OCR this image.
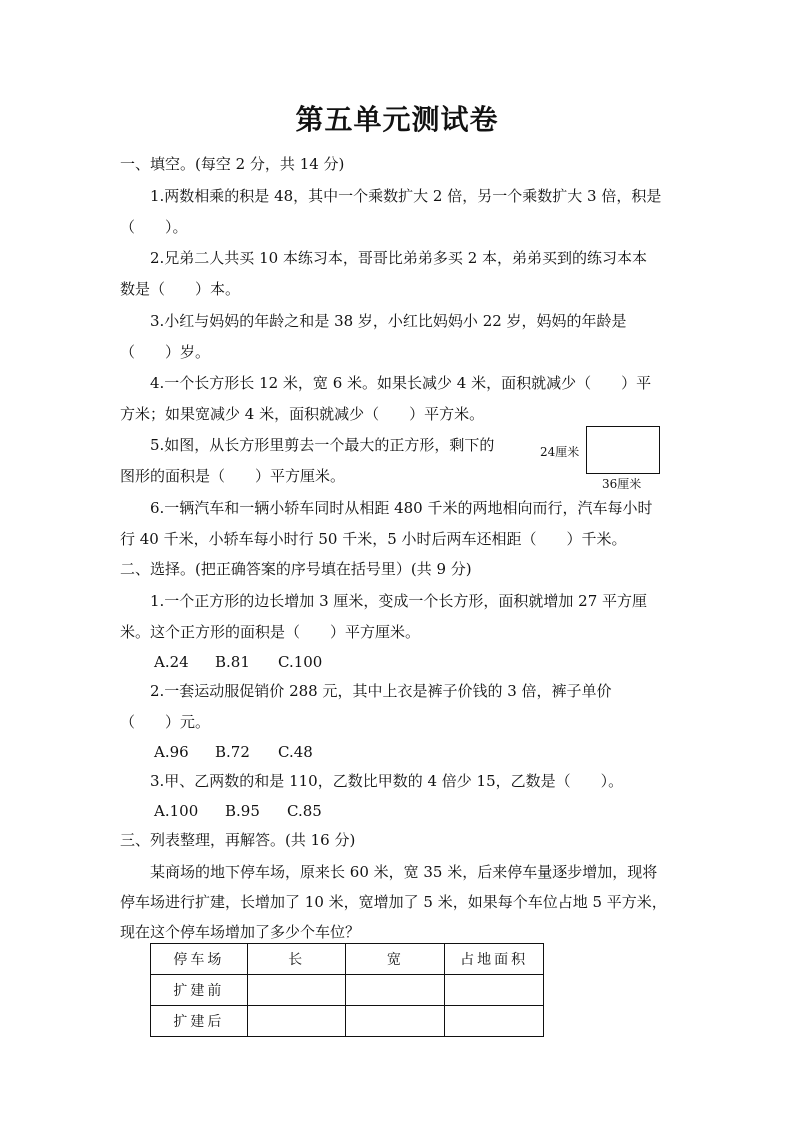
第五单元测试卷
一、填空。(每空 2 分，共 14 分)
1.两数相乘的积是 48，其中一个乘数扩大 2 倍，另一个乘数扩大 3 倍，积是
（　　）。
2.兄弟二人共买 10 本练习本，哥哥比弟弟多买 2 本，弟弟买到的练习本本
数是（　　）本。
3.小红与妈妈的年龄之和是 38 岁，小红比妈妈小 22 岁，妈妈的年龄是
（　　）岁。
4.一个长方形长 12 米，宽 6 米。如果长减少 4 米，面积就减少（　　）平
方米；如果宽减少 4 米，面积就减少（　　）平方米。
5.如图，从长方形里剪去一个最大的正方形，剩下的
图形的面积是（　　）平方厘米。
24厘米
36厘米
6.一辆汽车和一辆小轿车同时从相距 480 千米的两地相向而行，汽车每小时
行 40 千米，小轿车每小时行 50 千米，5 小时后两车还相距（　　）千米。
二、选择。(把正确答案的序号填在括号里）(共 9 分)
1.一个正方形的边长增加 3 厘米，变成一个长方形，面积就增加 27 平方厘
米。这个正方形的面积是（　　）平方厘米。
A.24 B.81 C.100
2.一套运动服促销价 288 元，其中上衣是裤子价钱的 3 倍，裤子单价
（　　）元。
A.96 B.72 C.48
3.甲、乙两数的和是 110，乙数比甲数的 4 倍少 15，乙数是（　　）。
A.100 B.95 C.85
三、列表整理，再解答。(共 16 分)
某商场的地下停车场，原来长 60 米，宽 35 米，后来停车量逐步增加，现将
停车场进行扩建，长增加了 10 米，宽增加了 5 米，如果每个车位占地 5 平方米，
现在这个停车场增加了多少个车位？
停车场	长	宽	占地面积
扩建前			
扩建后			
